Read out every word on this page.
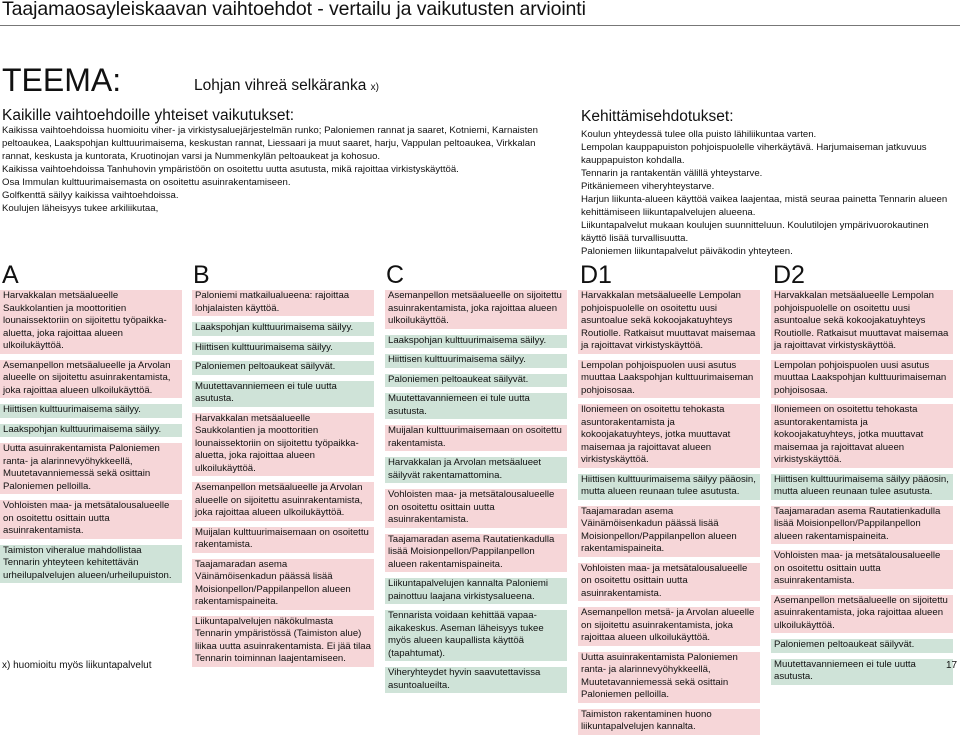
Taajamaosayleiskaavan vaihtoehdot - vertailu ja vaikutusten arviointi
TEEMA:	Lohjan vihreä selkäranka x)
Kaikille vaihtoehdoille yhteiset vaikutukset:

Kaikissa vaihtoehdoissa huomioitu viher- ja virkistysaluejärjestelmän runko; Paloniemen rannat ja saaret, Kotniemi, Karnaisten peltoaukea, Laakspohjan kulttuurimaisema, keskustan rannat, Liessaari ja muut saaret, harju, Vappulan peltoaukea, Virkkalan rannat, keskusta ja kuntorata, Kruotinojan varsi ja Nummenkylän peltoaukeat ja kohosuo.

Kaikissa vaihtoehdoissa Tanhuhovin ympäristöön on osoitettu uutta asutusta, mikä rajoittaa virkistyskäyttöä.

Osa Immulan kulttuurimaisemasta on osoitettu asuinrakentamiseen.

Golfkenttä säilyy kaikissa vaihtoehdoissa.

Koulujen läheisyys tukee arkiliikutaa,

Kehittämisehdotukset:

Koulun yhteydessä tulee olla puisto lähiliikuntaa varten.

Lempolan kauppapuiston pohjoispuolelle viherkäytävä. Harjumaiseman jatkuvuus kauppapuiston kohdalla.

Tennarin ja rantakentän välillä yhteystarve.

Pitkäniemeen viheryhteystarve.

Harjun liikunta-alueen käyttöä vaikea laajentaa, mistä seuraa painetta Tennarin alueen kehittämiseen liikuntapalvelujen alueena.

Liikuntapalvelut mukaan koulujen suunnitteluun. Koulutilojen ympärivuorokautinen käyttö lisää turvallisuutta.

Paloniemen liikuntapalvelut päiväkodin yhteyteen.

A
Harvakkalan metsäalueelle Saukkolantien ja moottoritien lounaissektoriin on sijoitettu työpaikka-aluetta, joka rajoittaa alueen ulkoilukäyttöä.
Asemanpellon metsäalueelle ja Arvolan alueelle on sijoitettu asuinrakentamista, joka rajoittaa alueen ulkoilukäyttöä.
Hiittisen kulttuurimaisema säilyy.
Laakspohjan kulttuurimaisema säilyy.
Uutta asuinrakentamista Paloniemen ranta- ja alarinnevyöhykkeellä, Muutetavanniemessä sekä osittain Paloniemen pelloilla.
Vohloisten maa- ja metsätalousalueelle on osoitettu osittain uutta asuinrakentamista.
Taimiston viheralue mahdollistaa Tennarin yhteyteen kehitettävän urheilupalvelujen alueen/urheilupuiston.
B
Paloniemi matkailualueena: rajoittaa lohjalaisten käyttöä.
Laakspohjan kulttuurimaisema säilyy.
Hiittisen kulttuurimaisema säilyy.
Paloniemen peltoaukeat säilyvät.
Muutettavanniemeen ei tule uutta asutusta.
Harvakkalan metsäalueelle Saukkolantien ja moottoritien lounaissektoriin on sijoitettu työpaikka-aluetta, joka rajoittaa alueen ulkoilukäyttöä.
Asemanpellon metsäalueelle ja Arvolan alueelle on sijoitettu asuinrakentamista, joka rajoittaa alueen ulkoilukäyttöä.
Muijalan kulttuurimaisemaan on osoitettu rakentamista.
Taajamaradan asema Väinämöisenkadun päässä lisää Moisionpellon/Pappilanpellon alueen rakentamispaineita.
Liikuntapalvelujen näkökulmasta Tennarin ympäristössä (Taimiston alue) liikaa uutta asuinrakentamista. Ei jää tilaa Tennarin toiminnan laajentamiseen.
C
Asemanpellon metsäalueelle on sijoitettu asuinrakentamista, joka rajoittaa alueen ulkoilukäyttöä.
Laakspohjan kulttuurimaisema säilyy.
Hiittisen kulttuurimaisema säilyy.
Paloniemen peltoaukeat säilyvät.
Muutettavanniemeen ei tule uutta asutusta.
Muijalan kulttuurimaisemaan on osoitettu rakentamista.
Harvakkalan ja Arvolan metsäalueet säilyvät rakentamattomina.
Vohloisten maa- ja metsätalousalueelle on osoitettu osittain uutta asuinrakentamista.
Taajamaradan asema Rautatienkadulla lisää Moisionpellon/Pappilanpellon alueen rakentamispaineita.
Liikuntapalvelujen kannalta Paloniemi painottuu laajana virkistysalueena.
Tennarista voidaan kehittää vapaa-aikakeskus. Aseman läheisyys tukee myös alueen kaupallista käyttöä (tapahtumat).
Viheryhteydet hyvin saavutettavissa asuntoalueilta.
D1
Harvakkalan metsäalueelle Lempolan pohjoispuolelle on osoitettu uusi asuntoalue sekä kokoojakatuyhteys Routiolle. Ratkaisut muuttavat maisemaa ja rajoittavat virkistyskäyttöä.
Lempolan pohjoispuolen uusi asutus muuttaa Laakspohjan kulttuurimaiseman pohjoisosaa.
Iloniemeen on osoitettu tehokasta asuntorakentamista ja kokoojakatuyhteys, jotka muuttavat maisemaa ja rajoittavat alueen virkistyskäyttöä.
Hiittisen kulttuurimaisema säilyy pääosin, mutta alueen reunaan tulee asutusta.
Taajamaradan asema Väinämöisenkadun päässä lisää Moisionpellon/Pappilanpellon alueen rakentamispaineita.
Vohloisten maa- ja metsätalousalueelle on osoitettu osittain uutta asuinrakentamista.
Asemanpellon metsä- ja Arvolan alueelle on sijoitettu asuinrakentamista, joka rajoittaa alueen ulkoilukäyttöä.
Uutta asuinrakentamista Paloniemen ranta- ja alarinnevyöhykkeellä, Muutetavanniemessä sekä osittain Paloniemen pelloilla.
Taimiston rakentaminen huono liikuntapalvelujen kannalta.
D2
Harvakkalan metsäalueelle Lempolan pohjoispuolelle on osoitettu uusi asuntoalue sekä kokoojakatuyhteys Routiolle. Ratkaisut muuttavat maisemaa ja rajoittavat virkistyskäyttöä.
Lempolan pohjoispuolen uusi asutus muuttaa Laakspohjan kulttuurimaiseman pohjoisosaa.
Iloniemeen on osoitettu tehokasta asuntorakentamista ja kokoojakatuyhteys, jotka muuttavat maisemaa ja rajoittavat alueen virkistyskäyttöä.
Hiittisen kulttuurimaisema säilyy pääosin, mutta alueen reunaan tulee asutusta.
Taajamaradan asema Rautatienkadulla lisää Moisionpellon/Pappilanpellon alueen rakentamispaineita.
Vohloisten maa- ja metsätalousalueelle on osoitettu osittain uutta asuinrakentamista.
Asemanpellon metsäalueelle on sijoitettu asuinrakentamista, joka rajoittaa alueen ulkoilukäyttöä.
Paloniemen peltoaukeat säilyvät.
Muutettavanniemeen ei tule uutta asutusta.
x) huomioitu myös liikuntapalvelut	17
